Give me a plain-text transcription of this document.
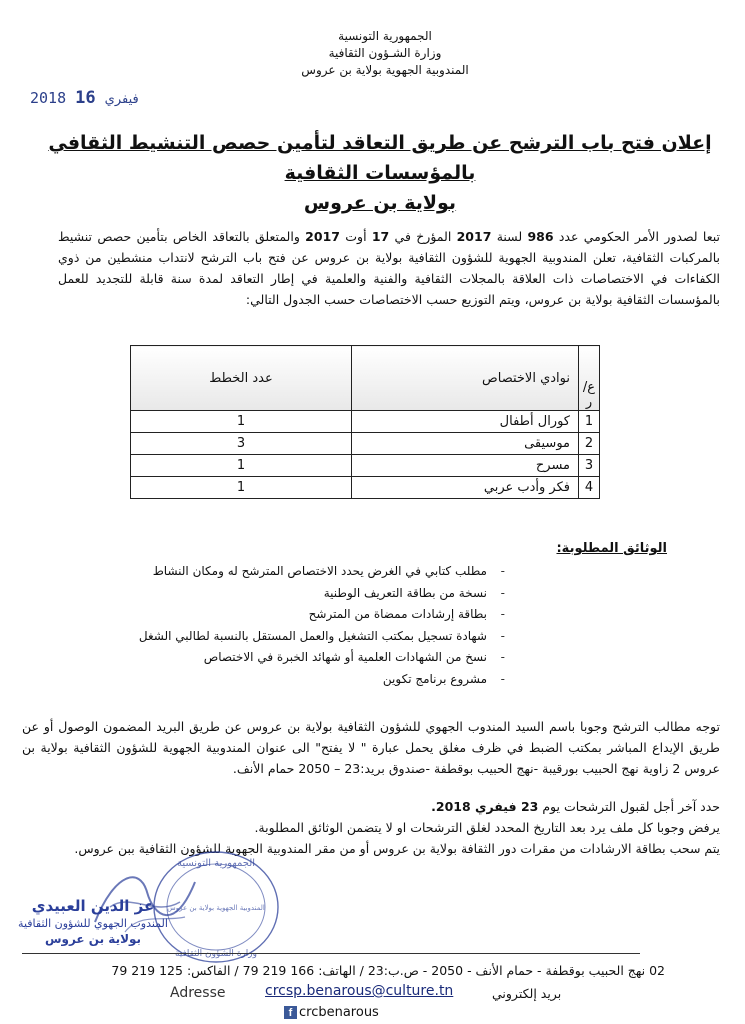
الجمهورية التونسية
وزارة الشـؤون الثقافية
المندوبية الجهوية بولاية بن عروس
2018	فيفري 16
إعلان فتح باب الترشح عن طريق التعاقد لتأمين حصص التنشيط الثقافي بالمؤسسات الثقافية
بولاية بن عروس
تبعا لصدور الأمر الحكومي عدد 986 لسنة 2017 المؤرخ في 17 أوت 2017 والمتعلق بالتعاقد الخاص بتأمين حصص تنشيط بالمركبات الثقافية، تعلن المندوبية الجهوية للشؤون الثقافية بولاية بن عروس عن فتح باب الترشح لانتداب منشطين من ذوي الكفاءات في الاختصاصات ذات العلاقة بالمجلات الثقافية والفنية والعلمية في إطار التعاقد لمدة سنة قابلة للتجديد للعمل بالمؤسسات الثقافية بولاية بن عروس، ويتم التوزيع حسب الاختصاصات حسب الجدول التالي:
ع/ر	نوادي الاختصاص	عدد الخطط
1	كورال أطفال	1
2	موسيقى	3
3	مسرح	1
4	فكر وأدب عربي	1
الوثائق المطلوبة:
-
مطلب كتابي في الغرض يحدد الاختصاص المترشح له ومكان النشاط
-
نسخة من بطاقة التعريف الوطنية
-
بطاقة إرشادات ممضاة من المترشح
-
شهادة تسجيل بمكتب التشغيل والعمل المستقل بالنسبة لطالبي الشغل
-
نسخ من الشهادات العلمية أو شهائد الخبرة في الاختصاص
-
مشروع برنامج تكوين
توجه مطالب الترشح وجوبا باسم السيد المندوب الجهوي للشؤون الثقافية بولاية بن عروس عن طريق البريد المضمون الوصول أو عن طريق الإيداع المباشر بمكتب الضبط في ظرف مغلق يحمل عبارة " لا يفتح" الى عنوان المندوبية الجهوية للشؤون الثقافية بولاية بن عروس 2 زاوية نهج الحبيب بورقيبة -نهج الحبيب بوقطفة -صندوق بريد:23 – 2050 حمام الأنف.
حدد آخر أجل لقبول الترشحات يوم 23 فيفري 2018.
يرفض وجوبا كل ملف يرد بعد التاريخ المحدد لغلق الترشحات او لا يتضمن الوثائق المطلوبة.
يتم سحب بطاقة الارشادات من مقرات دور الثقافة بولاية بن عروس أو من مقر المندوبية الجهوية للشؤون الثقافية ببن عروس.
الجمهورية التونسية
المندوبية الجهوية بولاية بن عروس
وزارة الشؤون الثقافية
عز الدين العبيدي
المندوب الجهوي للشؤون الثقافية
بولاية بن عروس
02 نهج الحبيب بوقطفة - حمام الأنف - 2050 - ص.ب:23 / الهاتف: 166 219 79 / الفاكس: 125 219 79
Adresse	crcsp.benarous@culture.tn	بريد إلكتروني
f crcbenarous
